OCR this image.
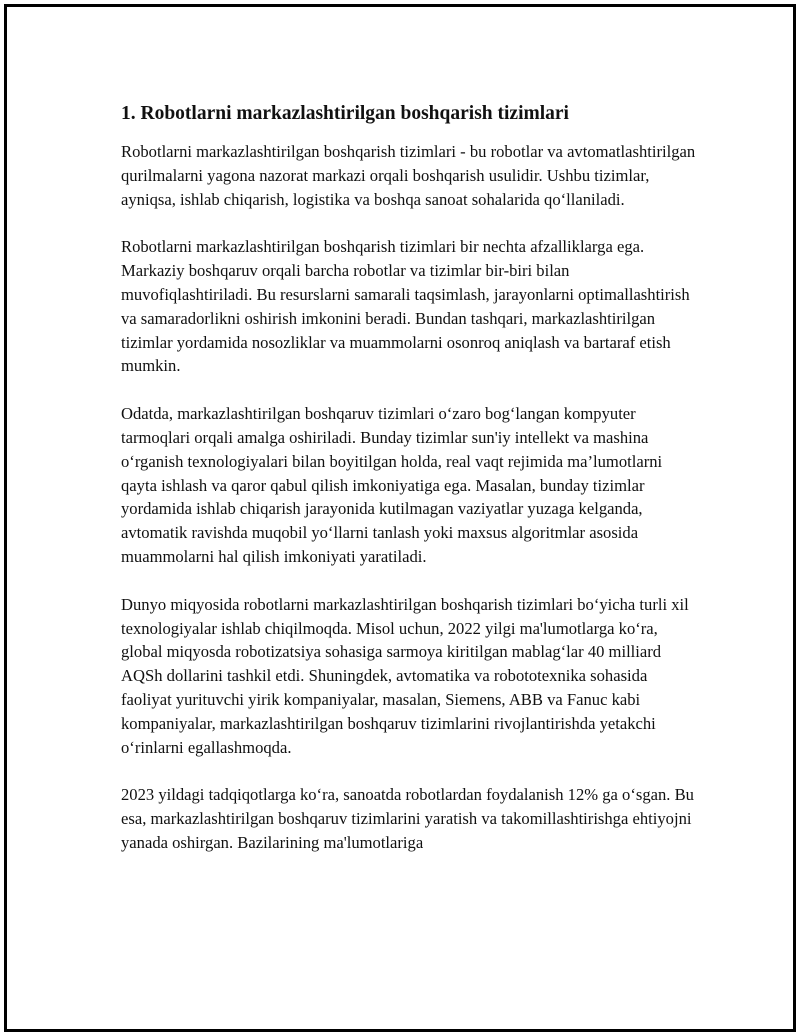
1. Robotlarni markazlashtirilgan boshqarish tizimlari

Robotlarni markazlashtirilgan boshqarish tizimlari - bu robotlar va avtomatlashtirilgan qurilmalarni yagona nazorat markazi orqali boshqarish usulidir. Ushbu tizimlar, ayniqsa, ishlab chiqarish, logistika va boshqa sanoat sohalarida qo‘llaniladi.

Robotlarni markazlashtirilgan boshqarish tizimlari bir nechta afzalliklarga ega. Markaziy boshqaruv orqali barcha robotlar va tizimlar bir-biri bilan muvofiqlashtiriladi. Bu resurslarni samarali taqsimlash, jarayonlarni optimallashtirish va samaradorlikni oshirish imkonini beradi. Bundan tashqari, markazlashtirilgan tizimlar yordamida nosozliklar va muammolarni osonroq aniqlash va bartaraf etish mumkin.

Odatda, markazlashtirilgan boshqaruv tizimlari o‘zaro bog‘langan kompyuter tarmoqlari orqali amalga oshiriladi. Bunday tizimlar sun'iy intellekt va mashina o‘rganish texnologiyalari bilan boyitilgan holda, real vaqt rejimida ma’lumotlarni qayta ishlash va qaror qabul qilish imkoniyatiga ega. Masalan, bunday tizimlar yordamida ishlab chiqarish jarayonida kutilmagan vaziyatlar yuzaga kelganda, avtomatik ravishda muqobil yo‘llarni tanlash yoki maxsus algoritmlar asosida muammolarni hal qilish imkoniyati yaratiladi.

Dunyo miqyosida robotlarni markazlashtirilgan boshqarish tizimlari bo‘yicha turli xil texnologiyalar ishlab chiqilmoqda. Misol uchun, 2022 yilgi ma'lumotlarga ko‘ra, global miqyosda robotizatsiya sohasiga sarmoya kiritilgan mablag‘lar 40 milliard AQSh dollarini tashkil etdi. Shuningdek, avtomatika va robototexnika sohasida faoliyat yurituvchi yirik kompaniyalar, masalan, Siemens, ABB va Fanuc kabi kompaniyalar, markazlashtirilgan boshqaruv tizimlarini rivojlantirishda yetakchi o‘rinlarni egallashmoqda.

2023 yildagi tadqiqotlarga ko‘ra, sanoatda robotlardan foydalanish 12% ga o‘sgan. Bu esa, markazlashtirilgan boshqaruv tizimlarini yaratish va takomillashtirishga ehtiyojni yanada oshirgan. Bazilarining ma'lumotlariga
